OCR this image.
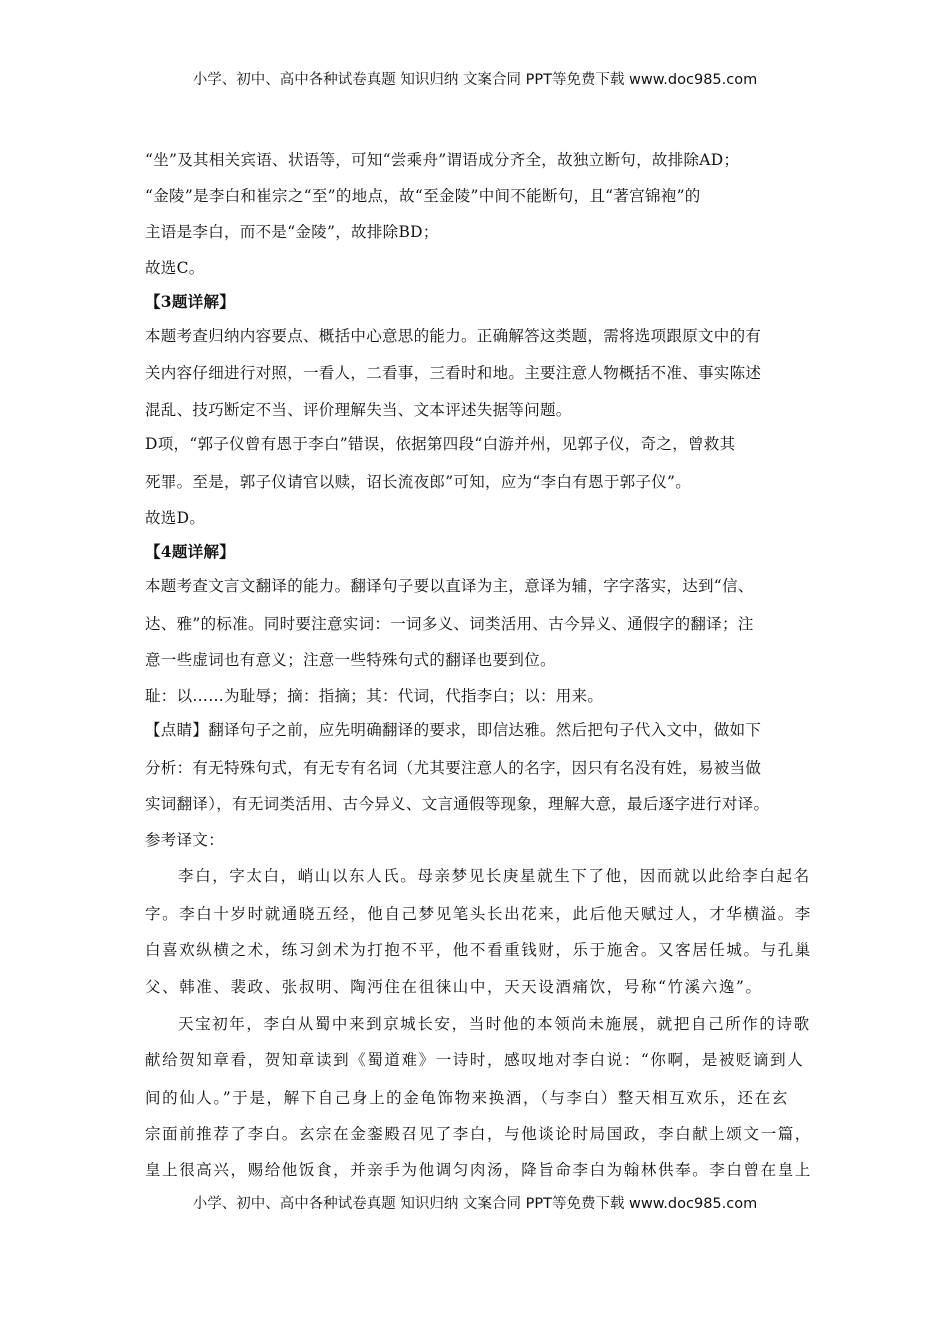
小学、初中、高中各种试卷真题 知识归纳 文案合同 PPT等免费下载 www.doc985.com
“坐”及其相关宾语、状语等，可知“尝乘舟”谓语成分齐全，故独立断句，故排除AD；
“金陵”是李白和崔宗之“至”的地点，故“至金陵”中间不能断句，且“著宫锦袍”的
主语是李白，而不是“金陵”，故排除BD；
故选C。
【3题详解】
本题考查归纳内容要点、概括中心意思的能力。正确解答这类题，需将选项跟原文中的有
关内容仔细进行对照，一看人，二看事，三看时和地。主要注意人物概括不准、事实陈述
混乱、技巧断定不当、评价理解失当、文本评述失据等问题。
D项，“郭子仪曾有恩于李白”错误，依据第四段“白游并州，见郭子仪，奇之，曾救其
死罪。至是，郭子仪请官以赎，诏长流夜郎”可知，应为“李白有恩于郭子仪”。
故选D。
【4题详解】
本题考查文言文翻译的能力。翻译句子要以直译为主，意译为辅，字字落实，达到“信、
达、雅”的标准。同时要注意实词：一词多义、词类活用、古今异义、通假字的翻译；注
意一些虚词也有意义；注意一些特殊句式的翻译也要到位。
耻：以……为耻辱；摘：指摘；其：代词，代指李白；以：用来。
【点睛】翻译句子之前，应先明确翻译的要求，即信达雅。然后把句子代入文中，做如下
分析：有无特殊句式，有无专有名词（尤其要注意人的名字，因只有名没有姓，易被当做
实词翻译），有无词类活用、古今异义、文言通假等现象，理解大意，最后逐字进行对译。
参考译文：
李白，字太白，峭山以东人氏。母亲梦见长庚星就生下了他，因而就以此给李白起名
字。李白十岁时就通晓五经，他自己梦见笔头长出花来，此后他天赋过人，才华横溢。李
白喜欢纵横之术，练习剑术为打抱不平，他不看重钱财，乐于施舍。又客居任城。与孔巢
父、韩准、裴政、张叔明、陶沔住在徂徕山中，天天设酒痛饮，号称“竹溪六逸”。
天宝初年，李白从蜀中来到京城长安，当时他的本领尚未施展，就把自己所作的诗歌
献给贺知章看，贺知章读到《蜀道难》一诗时，感叹地对李白说：“你啊，是被贬谪到人
间的仙人。”于是，解下自己身上的金龟饰物来换酒，（与李白）整天相互欢乐，还在玄
宗面前推荐了李白。玄宗在金銮殿召见了李白，与他谈论时局国政，李白献上颂文一篇，
皇上很高兴，赐给他饭食，并亲手为他调匀肉汤，降旨命李白为翰林供奉。李白曾在皇上
小学、初中、高中各种试卷真题 知识归纳 文案合同 PPT等免费下载 www.doc985.com
